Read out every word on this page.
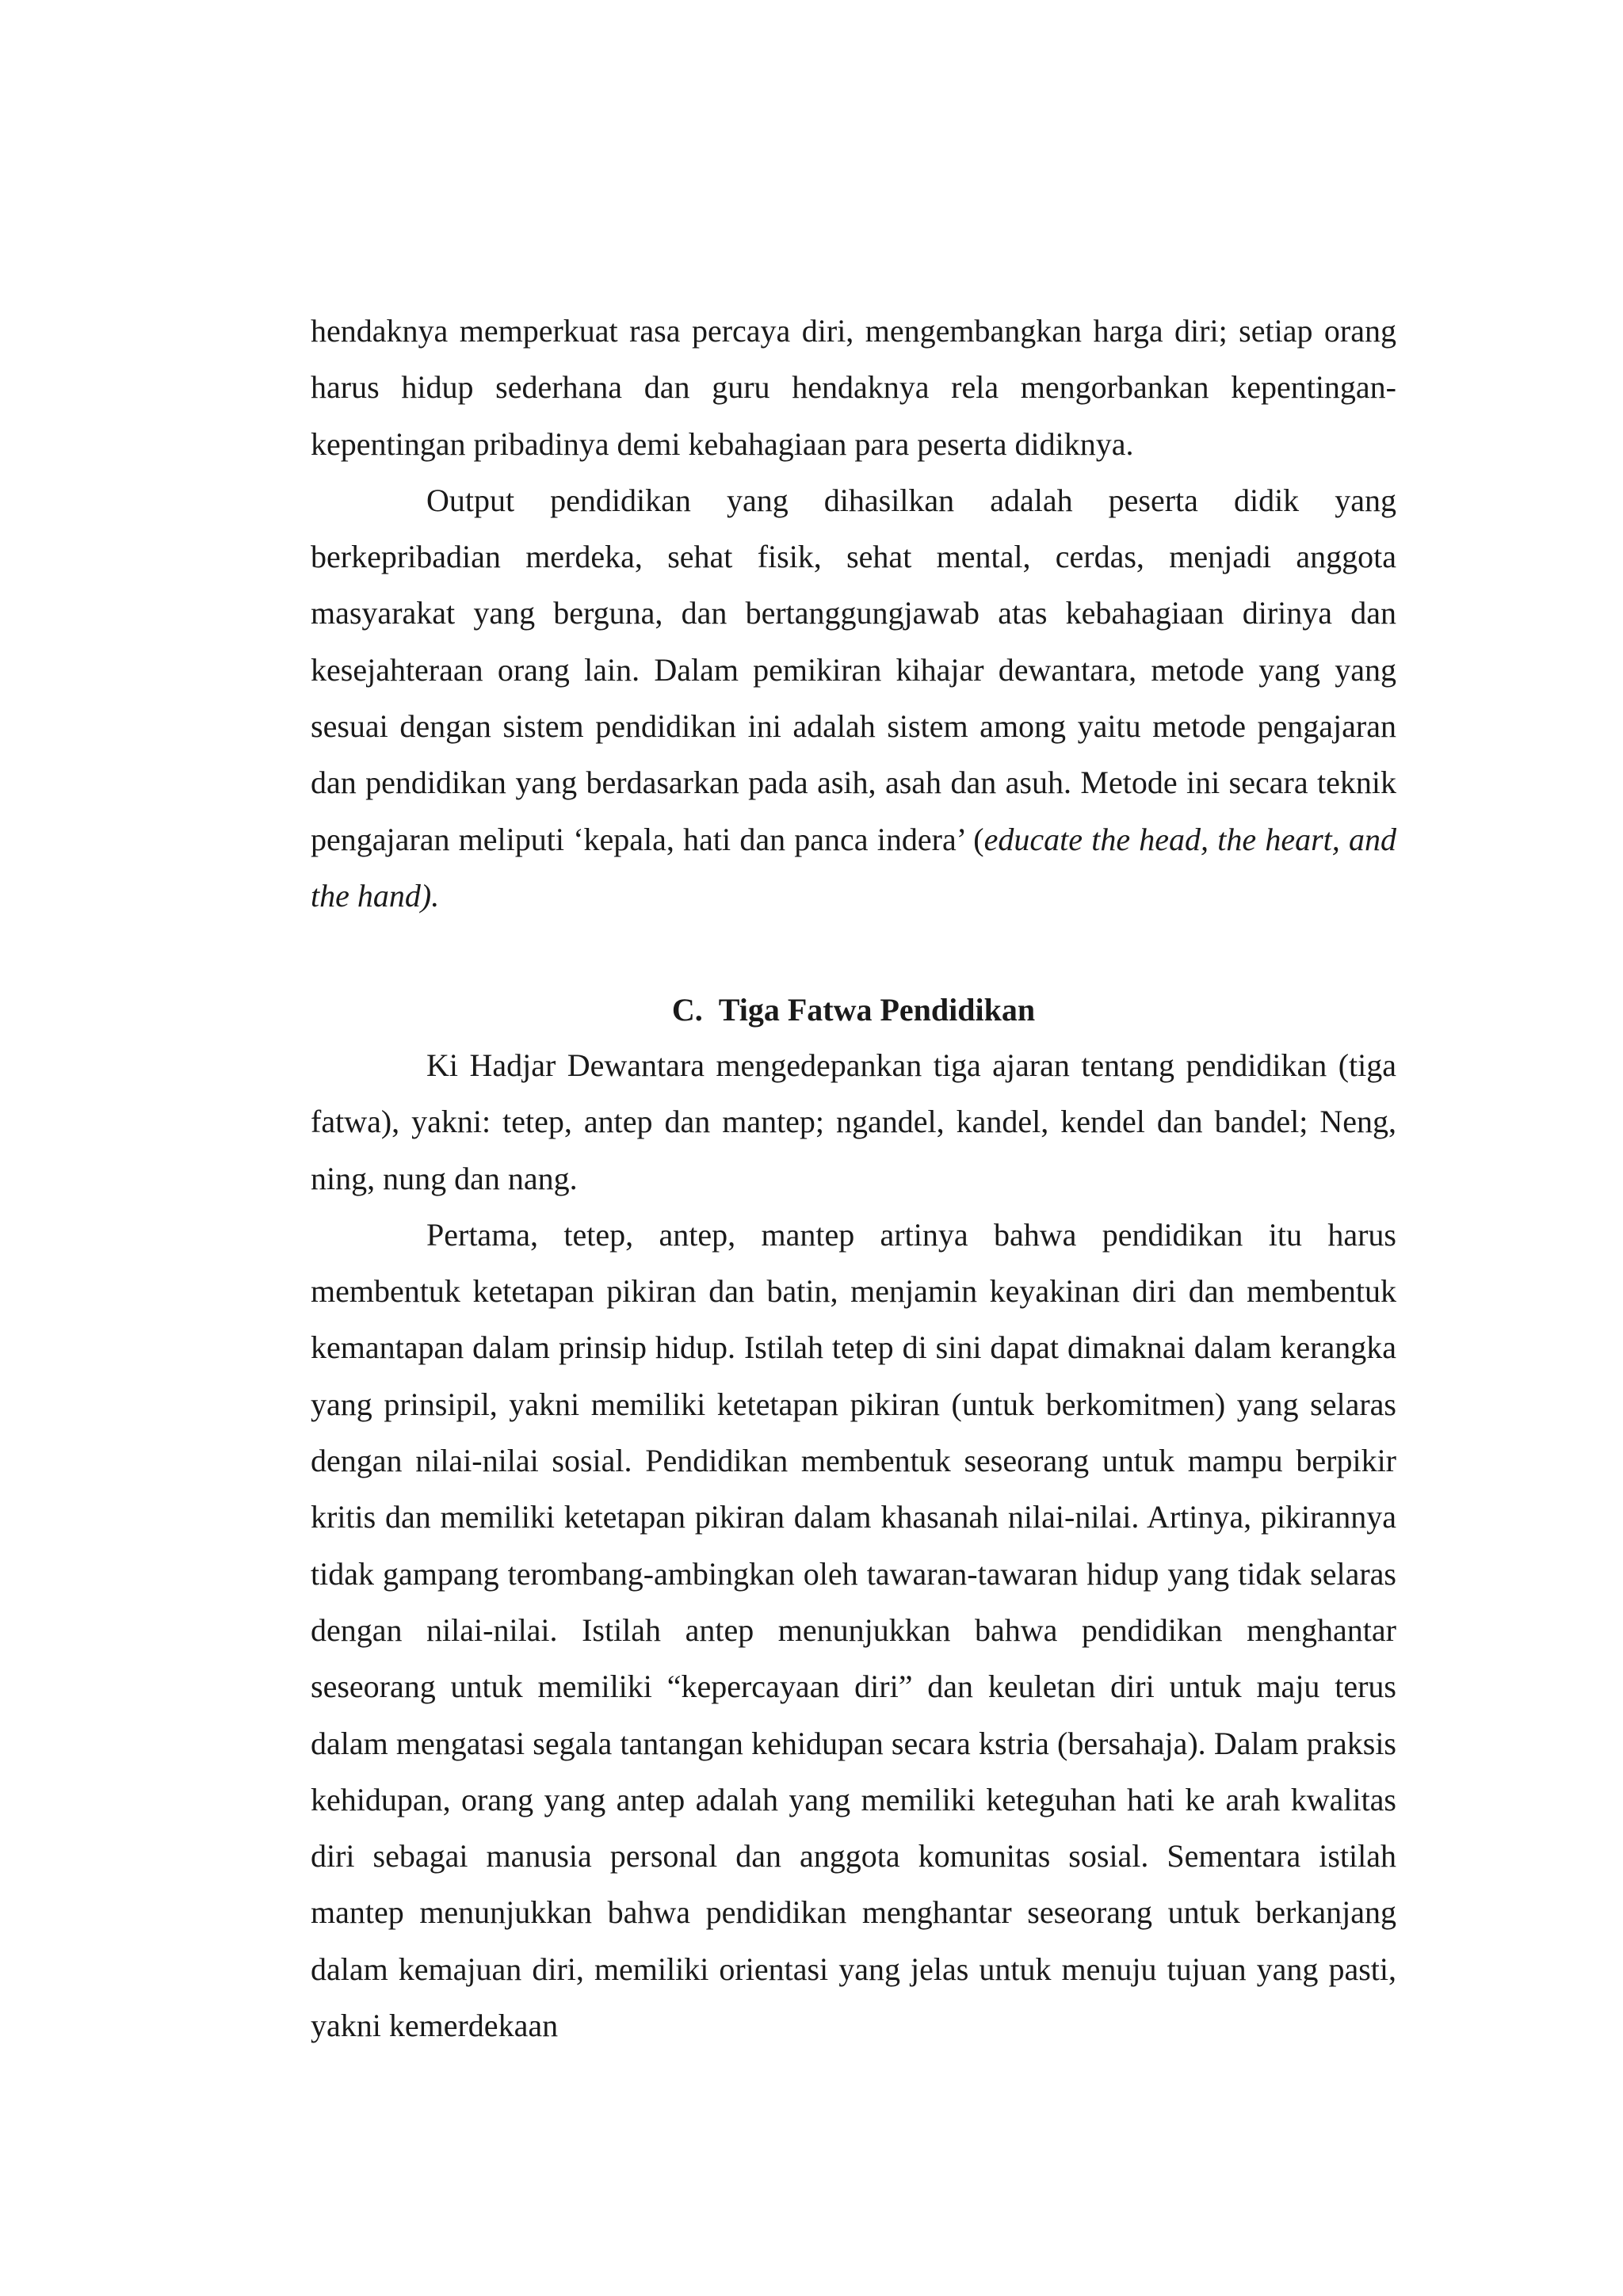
hendaknya memperkuat rasa percaya diri, mengembangkan harga diri; setiap orang harus hidup sederhana dan guru hendaknya rela mengorbankan kepentingan-kepentingan pribadinya demi kebahagiaan para peserta didiknya.

Output pendidikan yang dihasilkan adalah peserta didik yang berkepribadian merdeka, sehat fisik, sehat mental, cerdas, menjadi anggota masyarakat yang berguna, dan bertanggungjawab atas kebahagiaan dirinya dan kesejahteraan orang lain. Dalam pemikiran kihajar dewantara, metode yang yang sesuai dengan sistem pendidikan ini adalah sistem among yaitu metode pengajaran dan pendidikan yang berdasarkan pada asih, asah dan asuh. Metode ini secara teknik pengajaran meliputi ‘kepala, hati dan panca indera’ (educate the head, the heart, and the hand).

C. Tiga Fatwa Pendidikan

Ki Hadjar Dewantara mengedepankan tiga ajaran tentang pendidikan (tiga fatwa), yakni: tetep, antep dan mantep; ngandel, kandel, kendel dan bandel; Neng, ning, nung dan nang.

Pertama, tetep, antep, mantep artinya bahwa pendidikan itu harus membentuk ketetapan pikiran dan batin, menjamin keyakinan diri dan membentuk kemantapan dalam prinsip hidup. Istilah tetep di sini dapat dimaknai dalam kerangka yang prinsipil, yakni memiliki ketetapan pikiran (untuk berkomitmen) yang selaras dengan nilai-nilai sosial. Pendidikan membentuk seseorang untuk mampu berpikir kritis dan memiliki ketetapan pikiran dalam khasanah nilai-nilai. Artinya, pikirannya tidak gampang terombang-ambingkan oleh tawaran-tawaran hidup yang tidak selaras dengan nilai-nilai. Istilah antep menunjukkan bahwa pendidikan menghantar seseorang untuk memiliki “kepercayaan diri” dan keuletan diri untuk maju terus dalam mengatasi segala tantangan kehidupan secara kstria (bersahaja). Dalam praksis kehidupan, orang yang antep adalah yang memiliki keteguhan hati ke arah kwalitas diri sebagai manusia personal dan anggota komunitas sosial. Sementara istilah mantep menunjukkan bahwa pendidikan menghantar seseorang untuk berkanjang dalam kemajuan diri, memiliki orientasi yang jelas untuk menuju tujuan yang pasti, yakni kemerdekaan
